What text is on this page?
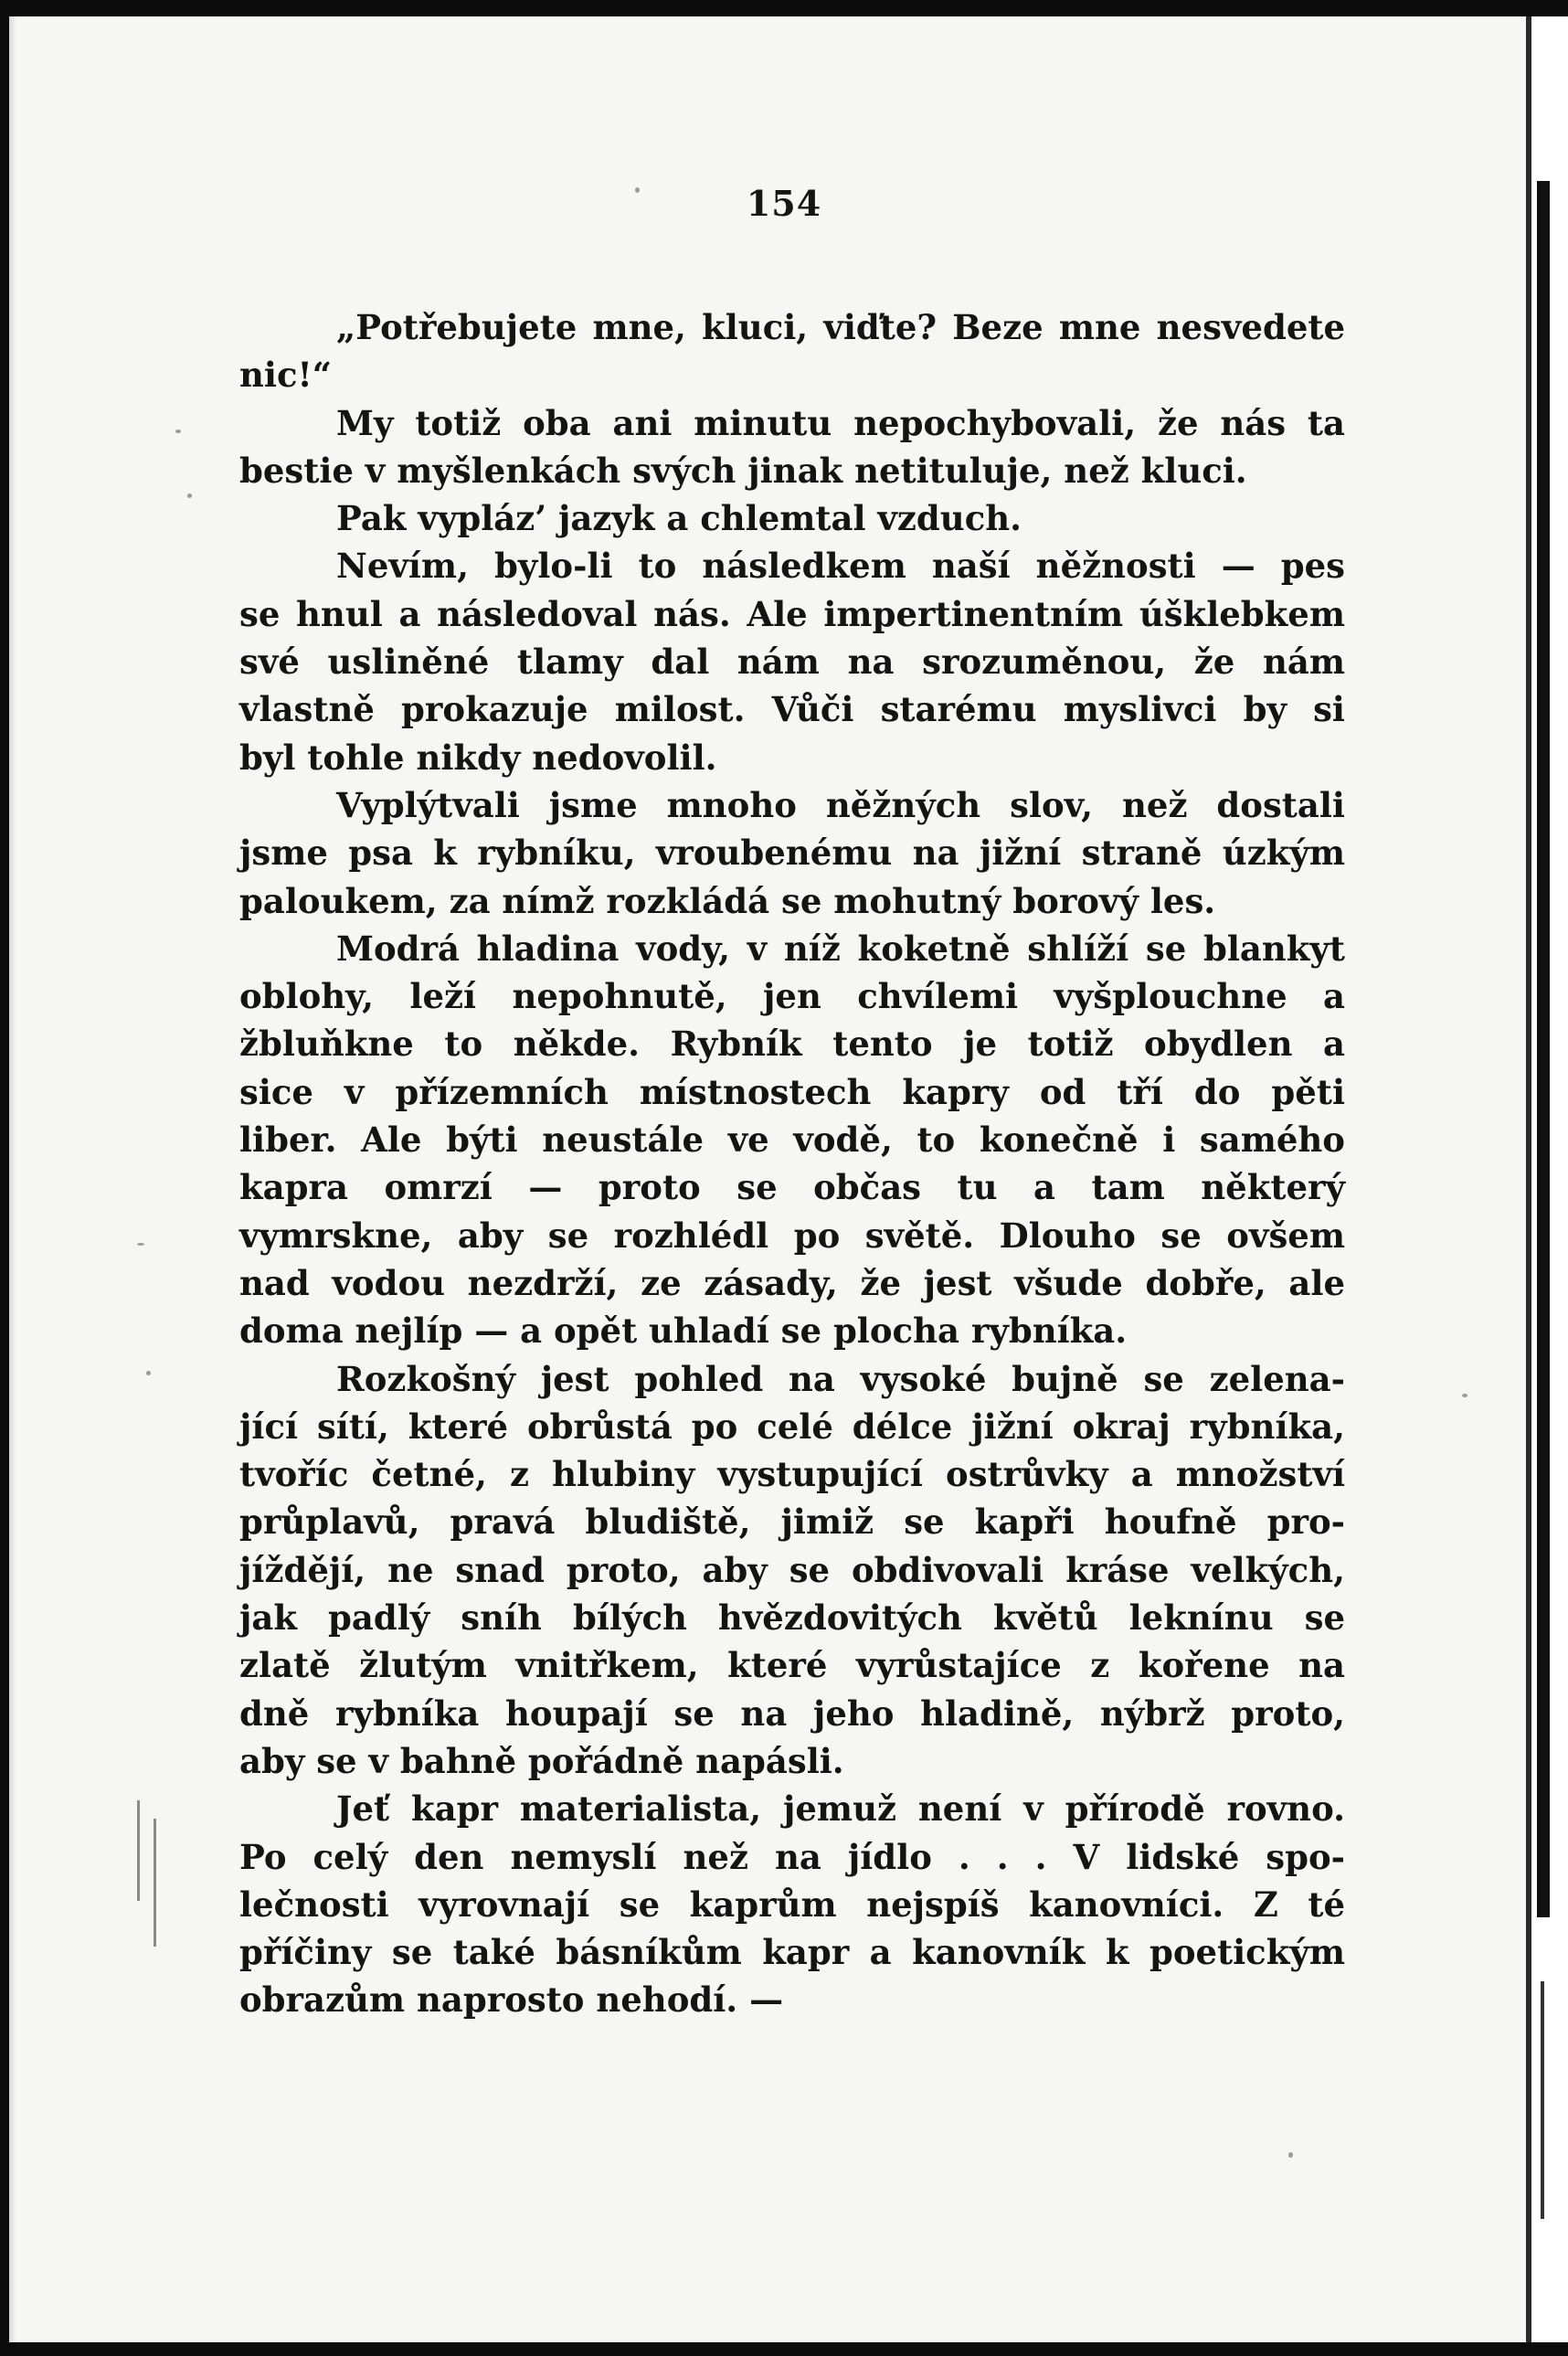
154
„Potřebujete mne, kluci, viďte? Beze mne nesvedete
nic!“
My totiž oba ani minutu nepochybovali, že nás ta
bestie v myšlenkách svých jinak netituluje, než kluci.
Pak vypláz’ jazyk a chlemtal vzduch.
Nevím, bylo-li to následkem naší něžnosti — pes
se hnul a následoval nás. Ale impertinentním úšklebkem
své usliněné tlamy dal nám na srozuměnou, že nám
vlastně prokazuje milost. Vůči starému myslivci by si
byl tohle nikdy nedovolil.
Vyplýtvali jsme mnoho něžných slov, než dostali
jsme psa k rybníku, vroubenému na jižní straně úzkým
paloukem, za nímž rozkládá se mohutný borový les.
Modrá hladina vody, v níž koketně shlíží se blankyt
oblohy, leží nepohnutě, jen chvílemi vyšplouchne a
žbluňkne to někde. Rybník tento je totiž obydlen a
sice v přízemních místnostech kapry od tří do pěti
liber. Ale býti neustále ve vodě, to konečně i samého
kapra omrzí — proto se občas tu a tam některý
vymrskne, aby se rozhlédl po světě. Dlouho se ovšem
nad vodou nezdrží, ze zásady, že jest všude dobře, ale
doma nejlíp — a opět uhladí se plocha rybníka.
Rozkošný jest pohled na vysoké bujně se zelena-
jící sítí, které obrůstá po celé délce jižní okraj rybníka,
tvoříc četné, z hlubiny vystupující ostrůvky a množství
průplavů, pravá bludiště, jimiž se kapři houfně pro-
jíždějí, ne snad proto, aby se obdivovali kráse velkých,
jak padlý sníh bílých hvězdovitých květů leknínu se
zlatě žlutým vnitřkem, které vyrůstajíce z kořene na
dně rybníka houpají se na jeho hladině, nýbrž proto,
aby se v bahně pořádně napásli.
Jeť kapr materialista, jemuž není v přírodě rovno.
Po celý den nemyslí než na jídlo . . . V lidské spo-
lečnosti vyrovnají se kaprům nejspíš kanovníci. Z té
příčiny se také básníkům kapr a kanovník k poetickým
obrazům naprosto nehodí. —
